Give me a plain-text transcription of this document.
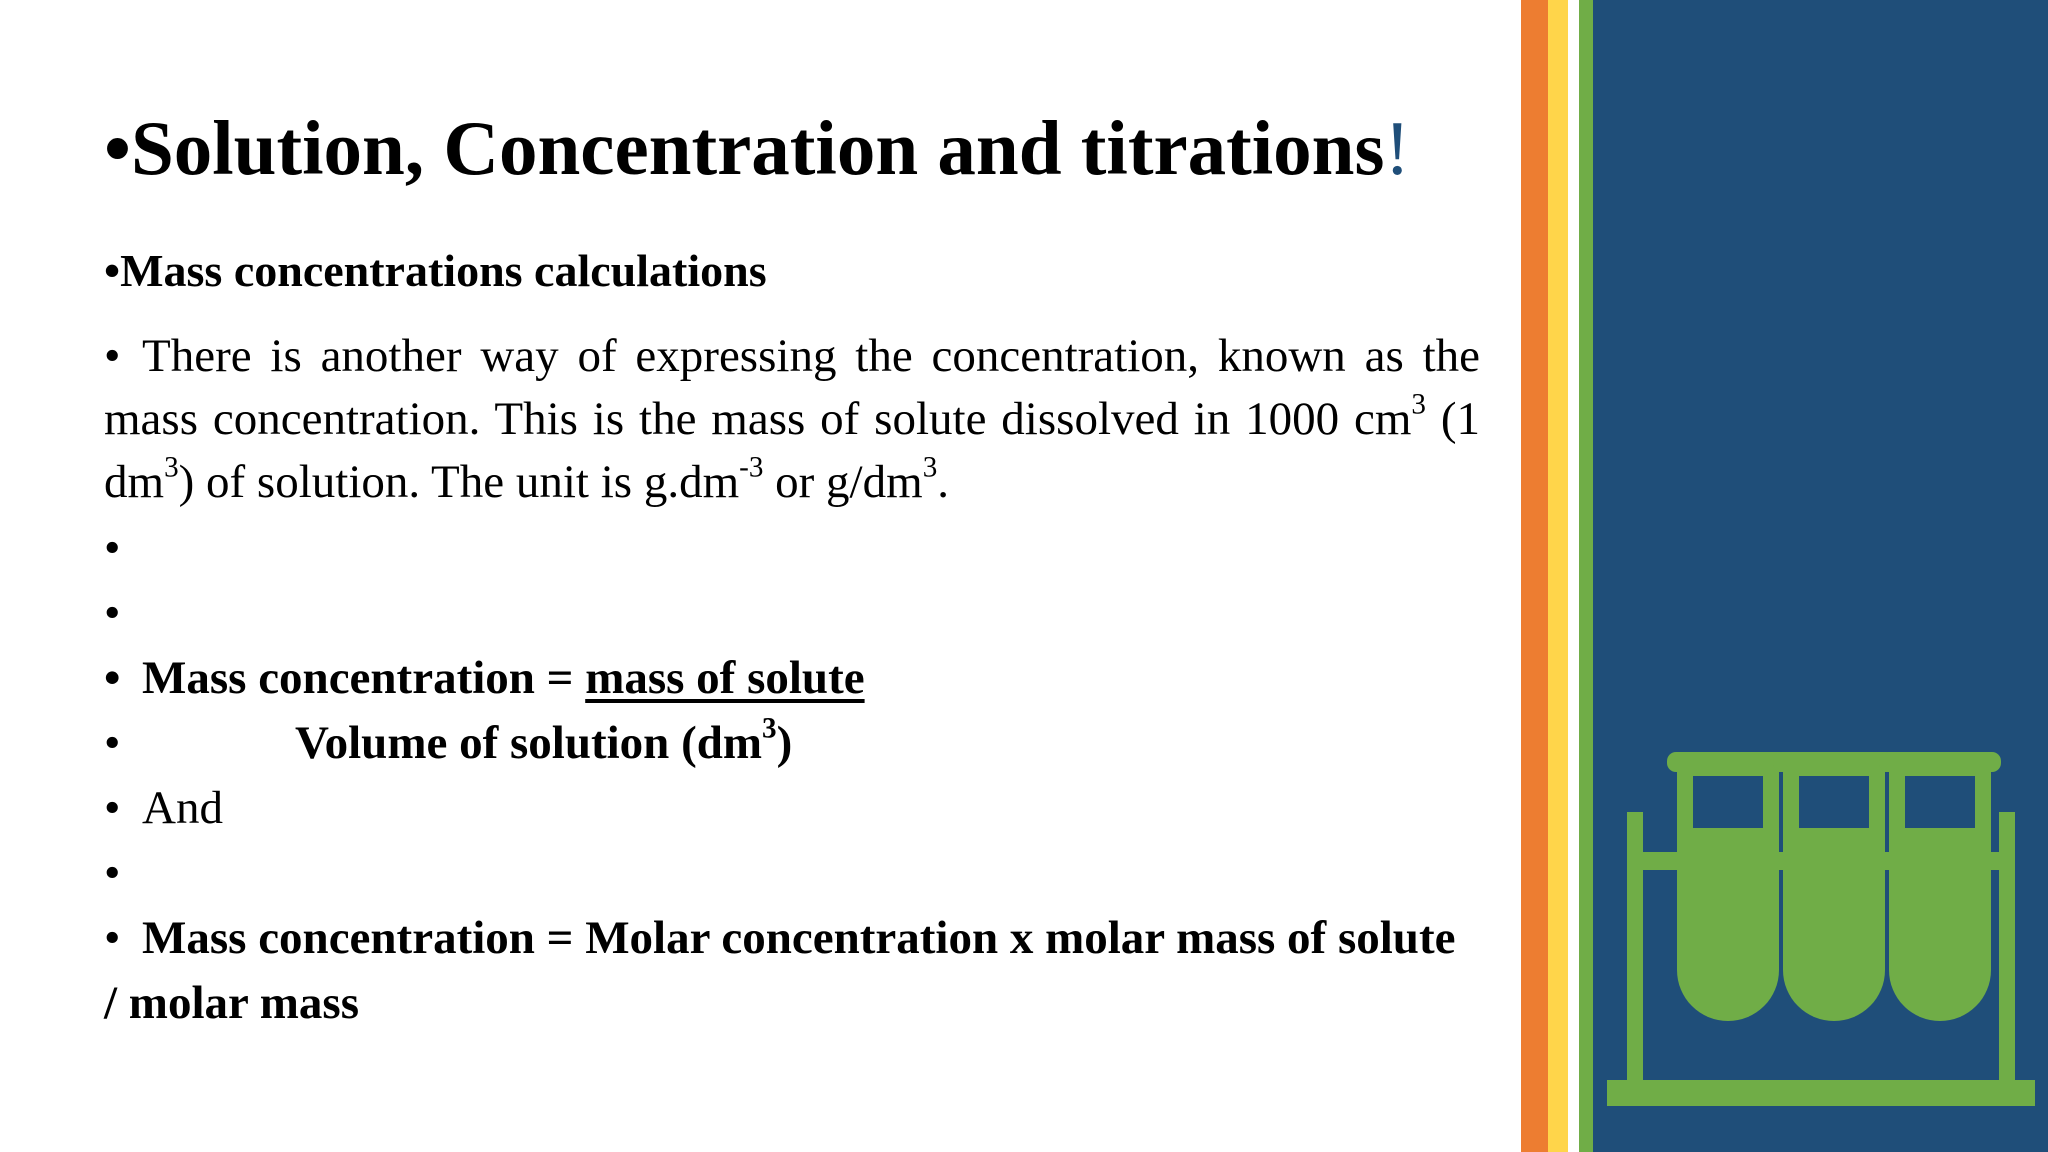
•Solution, Concentration and titrations!
•Mass concentrations calculations

• There is another way of expressing the concentration, known as the mass concentration. This is the mass of solute dissolved in 1000 $cm^3$ (1 $dm^3$) of solution. The unit is $g.dm^{-3}$ or $g/dm^3$.

•
•
• Mass concentration = mass of solute
•	Volume of solution $(dm^3)$
• And
•
• Mass concentration = Molar concentration x molar mass of solute / molar mass
